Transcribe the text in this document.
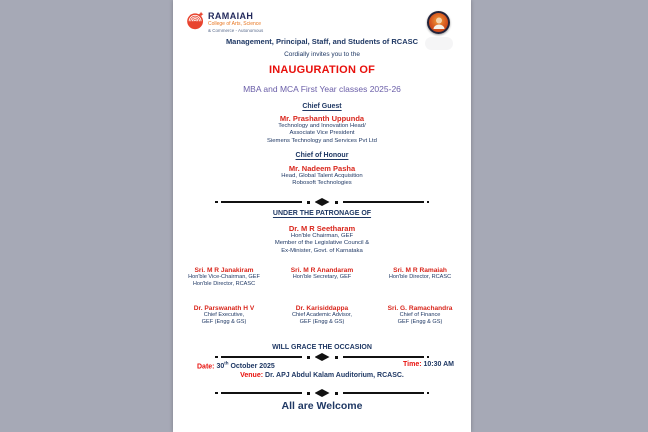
RAMAIAH
College of Arts, Science
& Commerce - Autonomous
Management, Principal, Staff, and Students of RCASC
Cordially invites you to the
INAUGURATION OF
MBA and MCA First Year classes 2025-26
Chief Guest
Mr. Prashanth Uppunda
Technology and Innovation Head/
Associate Vice President
Siemens Technology and Services Pvt Ltd
Chief of Honour
Mr. Nadeem Pasha
Head, Global Talent Acquisition
Robosoft Technologies
UNDER THE PATRONAGE OF
Dr. M R Seetharam
Hon'ble Chairman, GEF
Member of the Legislative Council &
Ex-Minister, Govt. of Karnataka
Sri. M R Janakiram
Hon'ble Vice-Chairman, GEF
Hon'ble Director, RCASC
Sri. M R Anandaram
Hon'ble Secretary, GEF
Sri. M R Ramaiah
Hon'ble Director, RCASC
Dr. Parswanath H V
Chief Executive,
GEF (Engg & GS)
Dr. Karisiddappa
Chief Academic Advisor,
GEF (Engg & GS)
Sri. G. Ramachandra
Chief of Finance
GEF (Engg & GS)
WILL GRACE THE OCCASION
Date: 30th October 2025	Time: 10:30 AM
Venue: Dr. APJ Abdul Kalam Auditorium, RCASC.
All are Welcome
